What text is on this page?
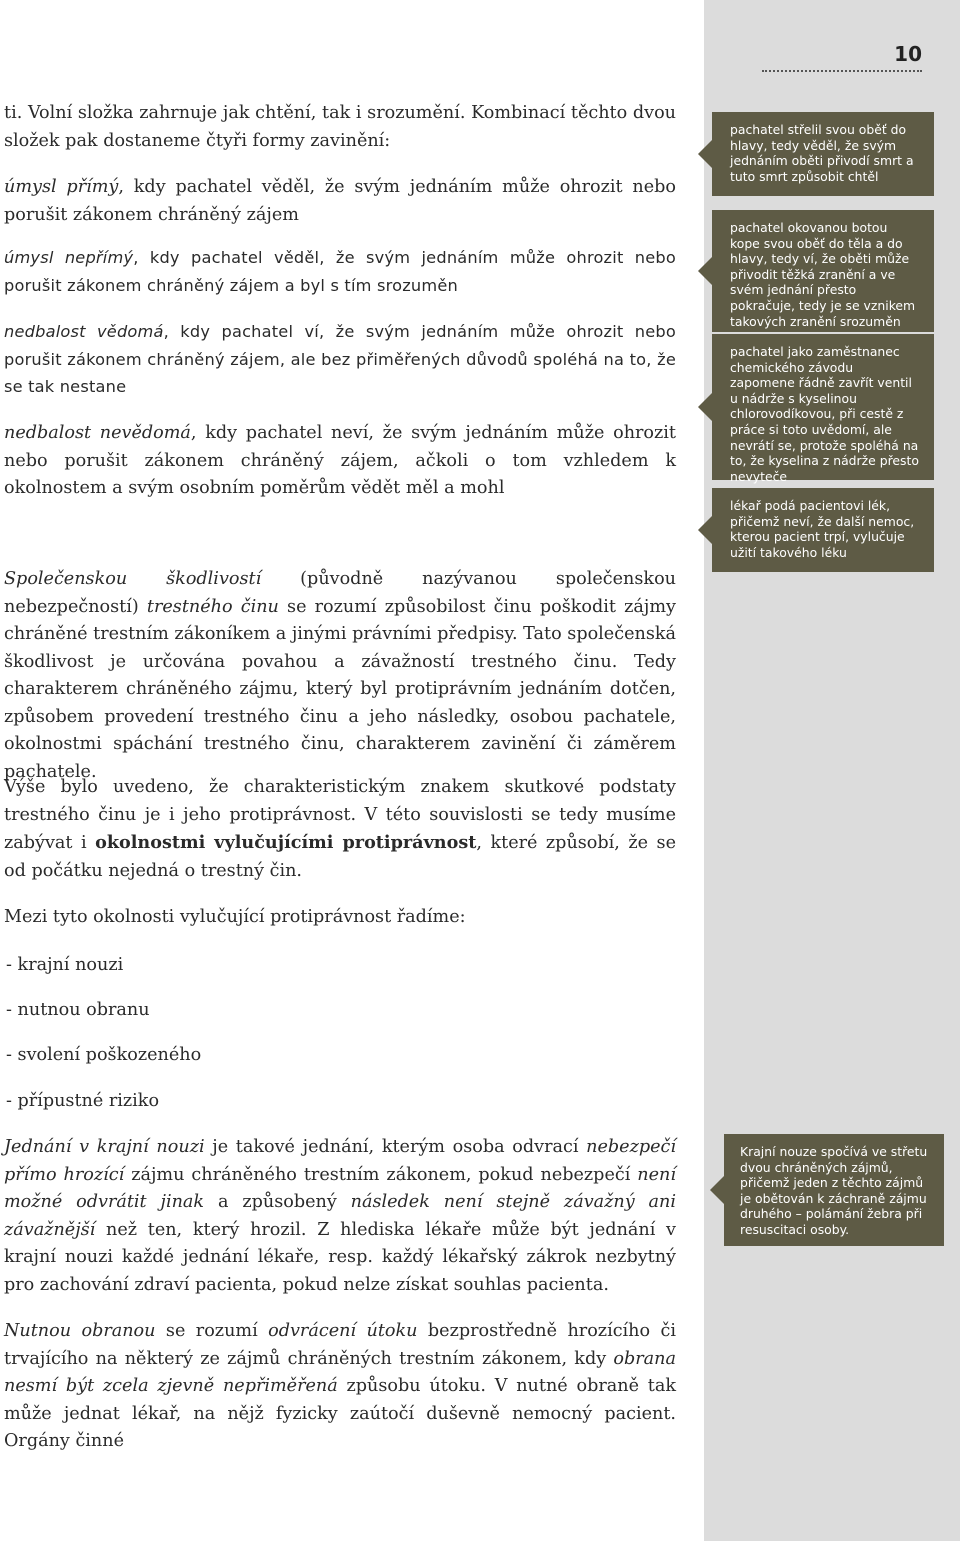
10
pachatel střelil svou oběť do hlavy, tedy věděl, že svým jednáním oběti přivodí smrt a tuto smrt způsobit chtěl
pachatel okovanou botou kope svou oběť do těla a do hlavy, tedy ví, že oběti může přivodit těžká zranění a ve svém jednání přesto pokračuje, tedy je se vznikem takových zranění srozuměn
pachatel jako zaměstnanec chemického závodu zapomene řádně zavřít ventil u nádrže s kyselinou chlorovodíkovou, při cestě z práce si toto uvědomí, ale nevrátí se, protože spoléhá na to, že kyselina z nádrže přesto nevyteče
lékař podá pacientovi lék, přičemž neví, že další nemoc, kterou pacient trpí, vylučuje užití takového léku
Krajní nouze spočívá ve střetu dvou chráněných zájmů, přičemž jeden z těchto zájmů je obětován k záchraně zájmu druhého – polámání žebra při resuscitaci osoby.

ti. Volní složka zahrnuje jak chtění, tak i srozumění. Kombinací těchto dvou složek pak dostaneme čtyři formy zavinění:

úmysl přímý, kdy pachatel věděl, že svým jednáním může ohrozit nebo porušit zákonem chráněný zájem

úmysl nepřímý, kdy pachatel věděl, že svým jednáním může ohrozit nebo porušit zákonem chráněný zájem a byl s tím srozuměn

nedbalost vědomá, kdy pachatel ví, že svým jednáním může ohrozit nebo porušit zákonem chráněný zájem, ale bez přiměřených důvodů spoléhá na to, že se tak nestane

nedbalost nevědomá, kdy pachatel neví, že svým jednáním může ohrozit nebo porušit zákonem chráněný zájem, ačkoli o tom vzhledem k okolnostem a svým osobním poměrům vědět měl a mohl

Společenskou škodlivostí (původně nazývanou společenskou nebezpečností) trestného činu se rozumí způsobilost činu poškodit zájmy chráněné trestním zákoníkem a jinými právními předpisy. Tato společenská škodlivost je určována povahou a závažností trestného činu. Tedy charakterem chráněného zájmu, který byl protiprávním jednáním dotčen, způsobem provedení trestného činu a jeho následky, osobou pachatele, okolnostmi spáchání trestného činu, charakterem zavinění či záměrem pachatele.

Výše bylo uvedeno, že charakteristickým znakem skutkové podstaty trestného činu je i jeho protiprávnost. V této souvislosti se tedy musíme zabývat i okolnostmi vylučujícími protiprávnost, které způsobí, že se od počátku nejedná o trestný čin.

Mezi tyto okolnosti vylučující protiprávnost řadíme:

- krajní nouzi
- nutnou obranu
- svolení poškozeného
- přípustné riziko

Jednání v krajní nouzi je takové jednání, kterým osoba odvrací nebezpečí přímo hrozící zájmu chráněného trestním zákonem, pokud nebezpečí není možné odvrátit jinak a způsobený následek není stejně závažný ani závažnější než ten, který hrozil. Z hlediska lékaře může být jednání v krajní nouzi každé jednání lékaře, resp. každý lékařský zákrok nezbytný pro zachování zdraví pacienta, pokud nelze získat souhlas pacienta.

Nutnou obranou se rozumí odvrácení útoku bezprostředně hrozícího či trvajícího na některý ze zájmů chráněných trestním zákonem, kdy obrana nesmí být zcela zjevně nepřiměřená způsobu útoku. V nutné obraně tak může jednat lékař, na nějž fyzicky zaútočí duševně nemocný pacient. Orgány činné
